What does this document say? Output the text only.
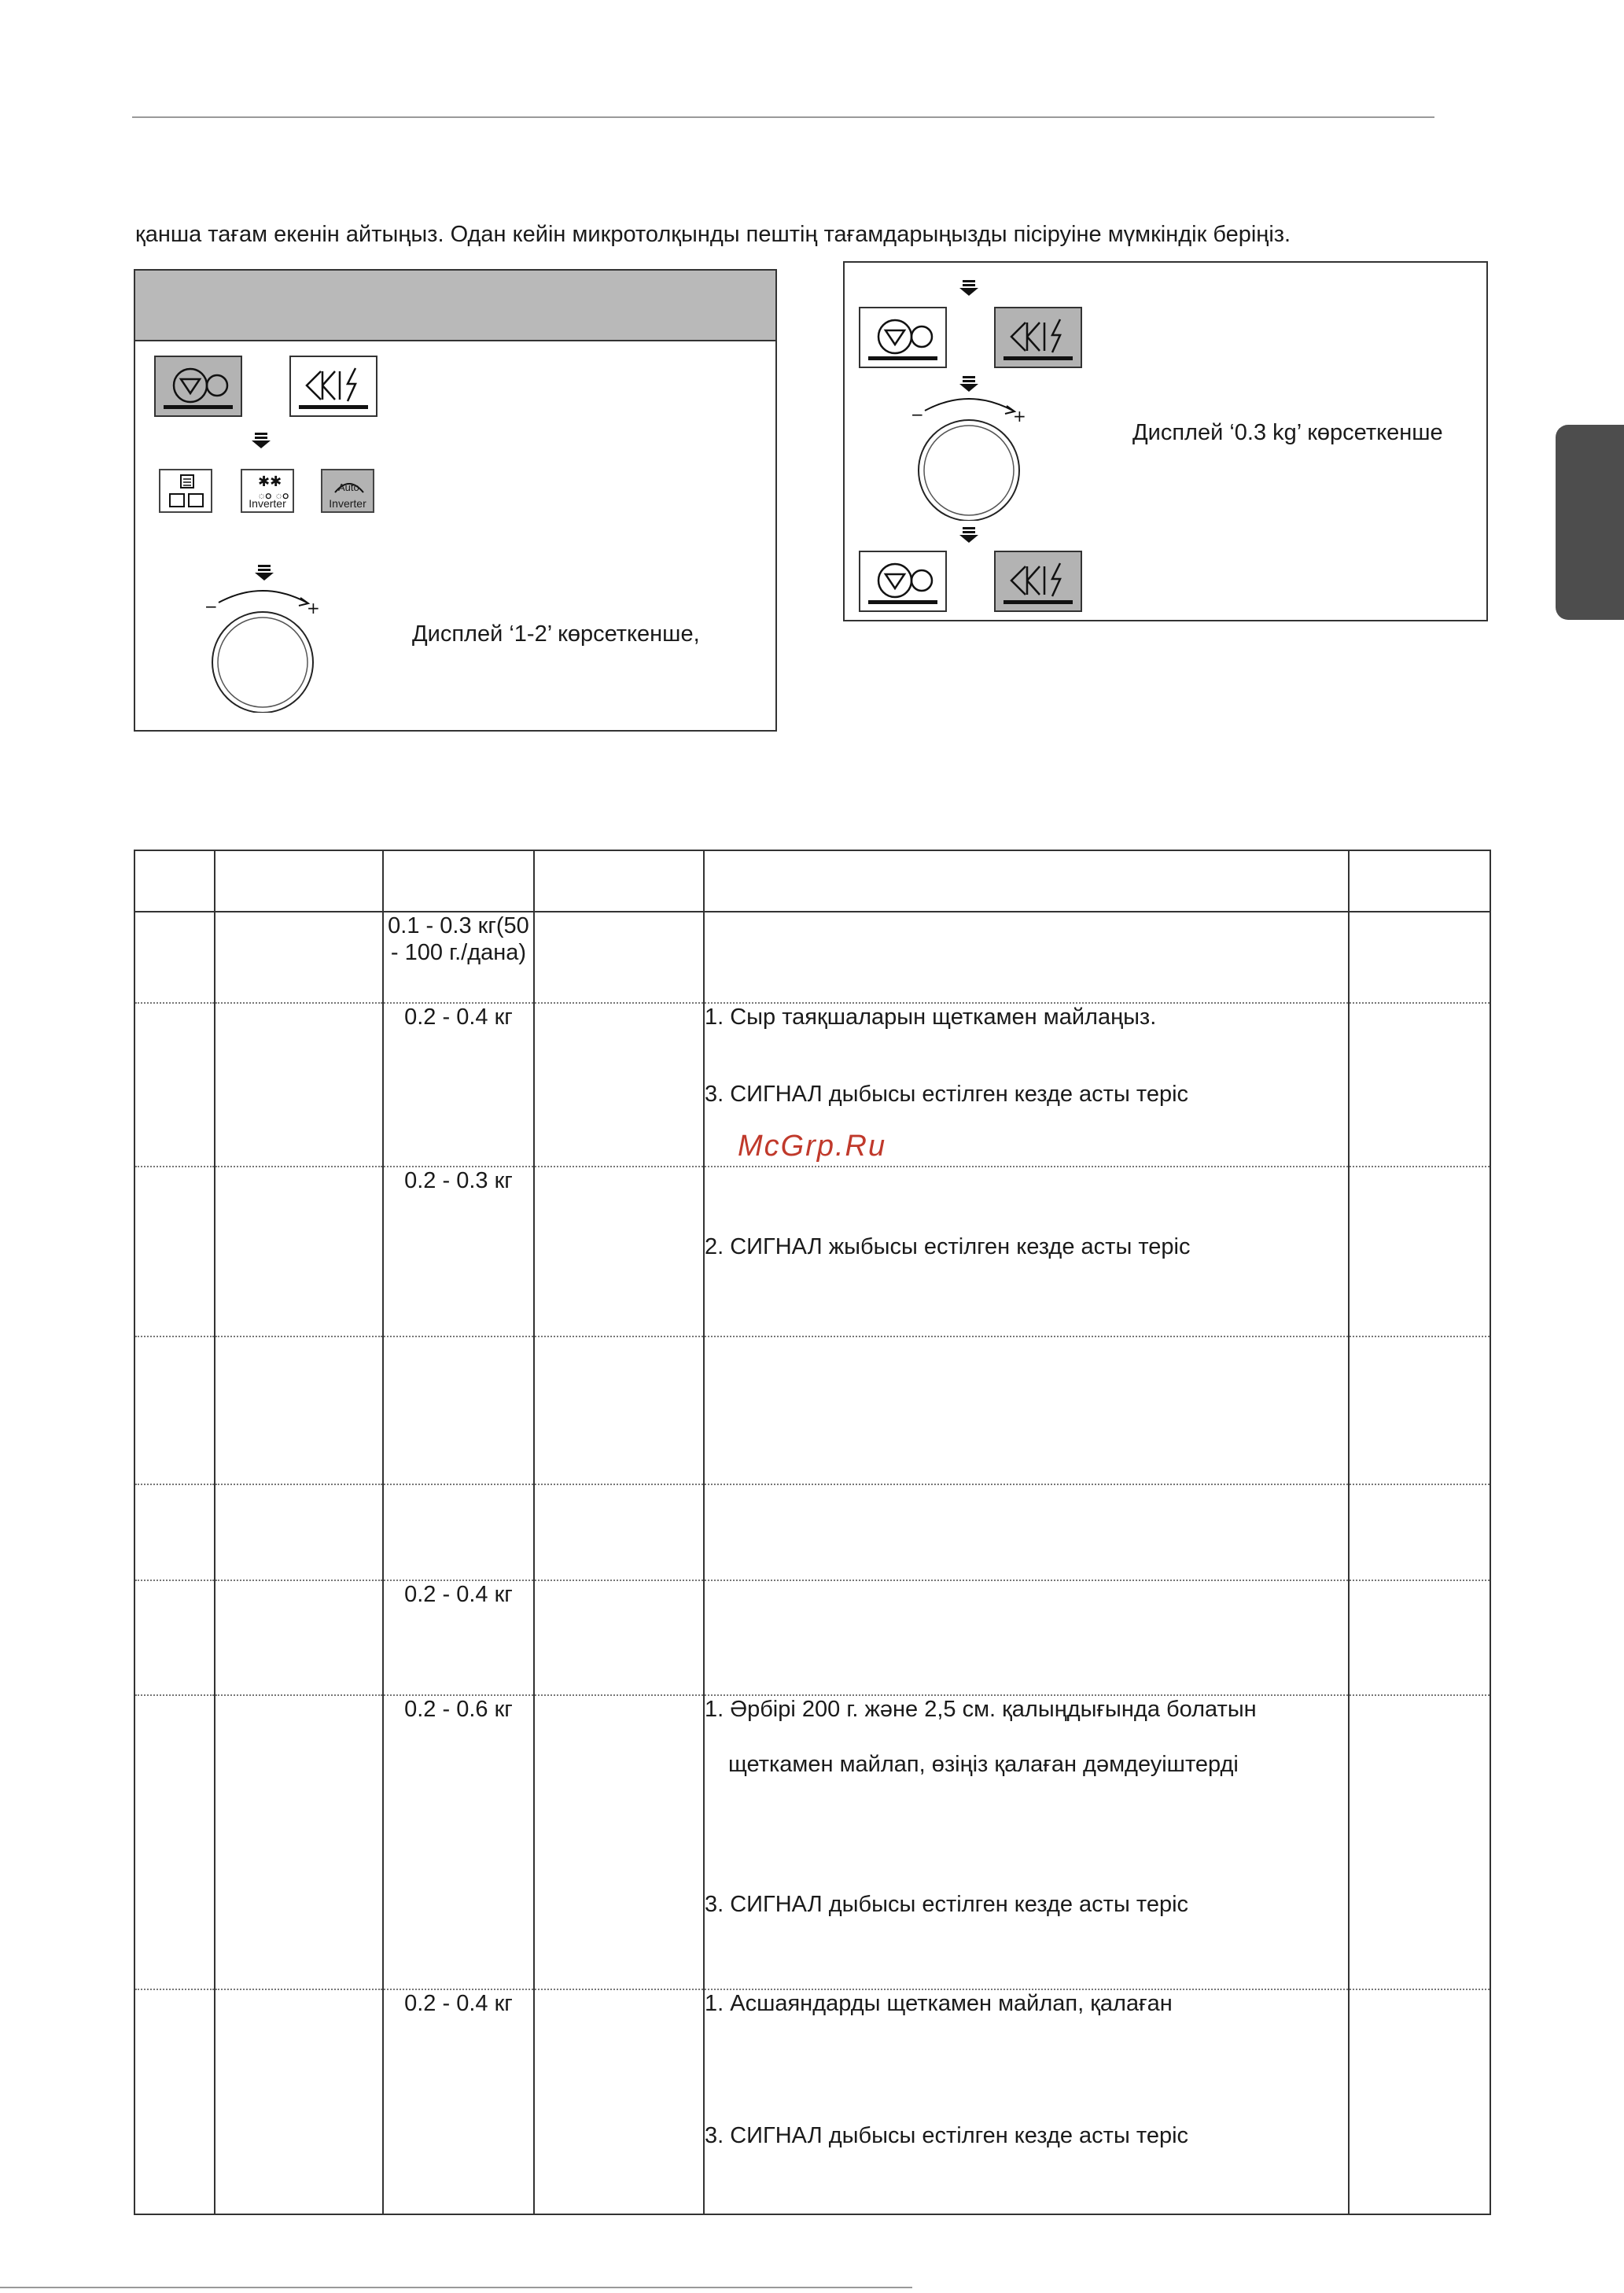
қанша тағам екенін айтыңыз. Одан кейін микротолқынды пештің тағамдарыңызды пісіруіне мүмкіндік беріңіз.
✱✱
ం ం
Inverter
Auto
Inverter
−	+
Дисплей ‘1-2’ көрсеткенше,
−	+
Дисплей ‘0.3 kg’ көрсеткенше

		0.1 - 0.3 кг(50 - 100 г./дана)			
		0.2 - 0.4 кг		1. Сыр таяқшаларын щеткамен майлаңыз.

3. СИГНАЛ дыбысы естілген кезде асты теріс	

		0.2 - 0.3 кг		2. СИГНАЛ жыбысы естілген кезде асты теріс	

		0.2 - 0.4 кг			
		0.2 - 0.6 кг		1. Әрбірі 200 г. және 2,5 см. қалыңдығында болатын

щеткамен майлап, өзіңіз қалаған дәмдеуіштерді

3. СИГНАЛ дыбысы естілген кезде асты теріс	

		0.2 - 0.4 кг		1. Асшаяндарды щеткамен майлап, қалаған

3. СИГНАЛ дыбысы естілген кезде асты теріс	

McGrp.Ru
